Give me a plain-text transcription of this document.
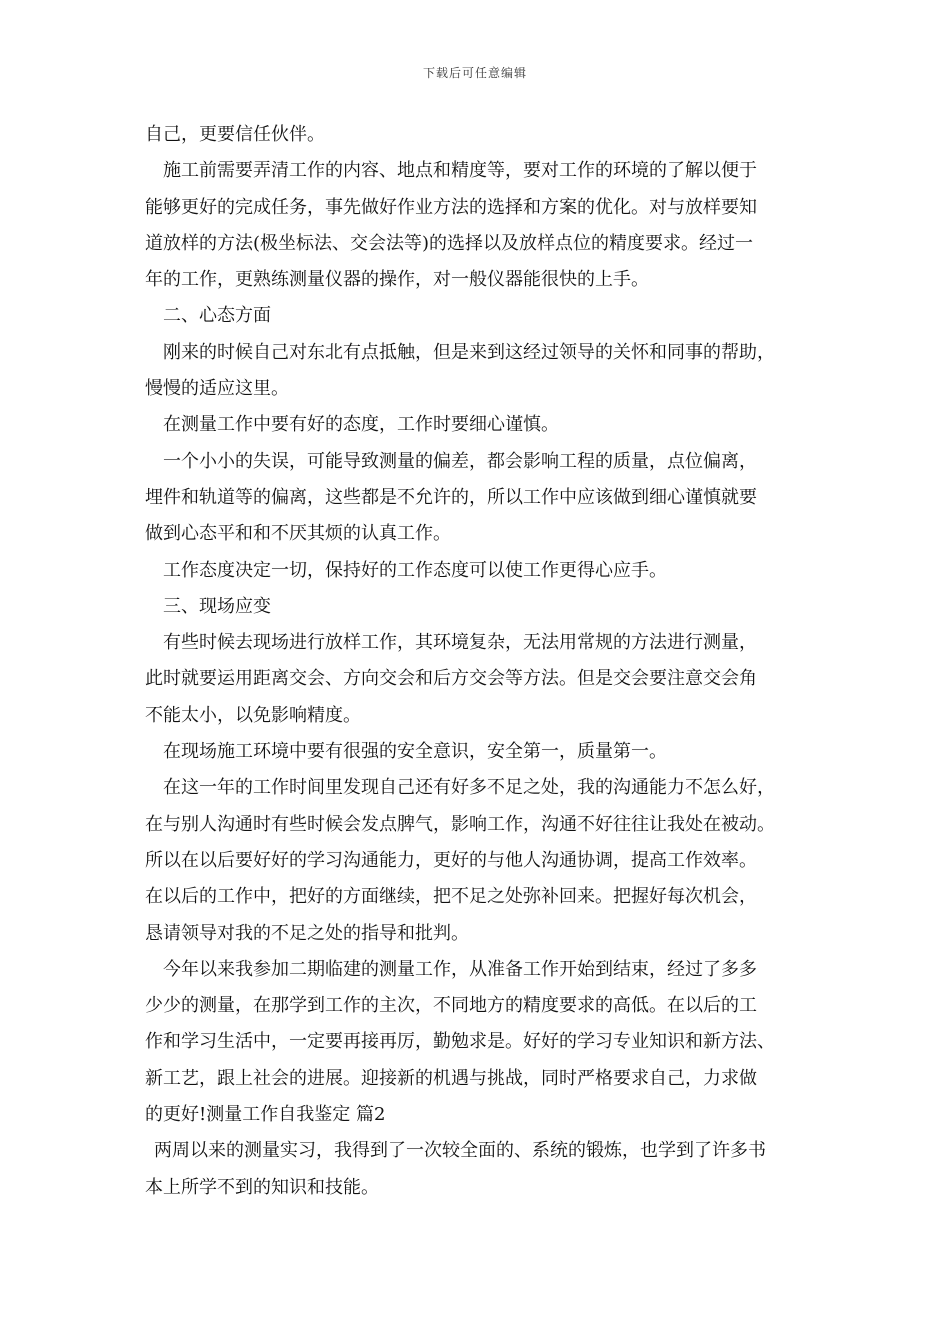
下载后可任意编辑
自己，更要信任伙伴。
施工前需要弄清工作的内容、地点和精度等，要对工作的环境的了解以便于
能够更好的完成任务，事先做好作业方法的选择和方案的优化。对与放样要知
道放样的方法(极坐标法、交会法等)的选择以及放样点位的精度要求。经过一
年的工作，更熟练测量仪器的操作，对一般仪器能很快的上手。
二、心态方面
刚来的时候自己对东北有点抵触，但是来到这经过领导的关怀和同事的帮助，
慢慢的适应这里。
在测量工作中要有好的态度，工作时要细心谨慎。
一个小小的失误，可能导致测量的偏差，都会影响工程的质量，点位偏离，
埋件和轨道等的偏离，这些都是不允许的，所以工作中应该做到细心谨慎就要
做到心态平和和不厌其烦的认真工作。
工作态度决定一切，保持好的工作态度可以使工作更得心应手。
三、现场应变
有些时候去现场进行放样工作，其环境复杂，无法用常规的方法进行测量，
此时就要运用距离交会、方向交会和后方交会等方法。但是交会要注意交会角
不能太小，以免影响精度。
在现场施工环境中要有很强的安全意识，安全第一，质量第一。
在这一年的工作时间里发现自己还有好多不足之处，我的沟通能力不怎么好，
在与别人沟通时有些时候会发点脾气，影响工作，沟通不好往往让我处在被动。
所以在以后要好好的学习沟通能力，更好的与他人沟通协调，提高工作效率。
在以后的工作中，把好的方面继续，把不足之处弥补回来。把握好每次机会，
恳请领导对我的不足之处的指导和批判。
今年以来我参加二期临建的测量工作，从准备工作开始到结束，经过了多多
少少的测量，在那学到工作的主次，不同地方的精度要求的高低。在以后的工
作和学习生活中，一定要再接再厉，勤勉求是。好好的学习专业知识和新方法、
新工艺，跟上社会的进展。迎接新的机遇与挑战，同时严格要求自己，力求做
的更好!测量工作自我鉴定 篇2
两周以来的测量实习，我得到了一次较全面的、系统的锻炼，也学到了许多书
本上所学不到的知识和技能。
